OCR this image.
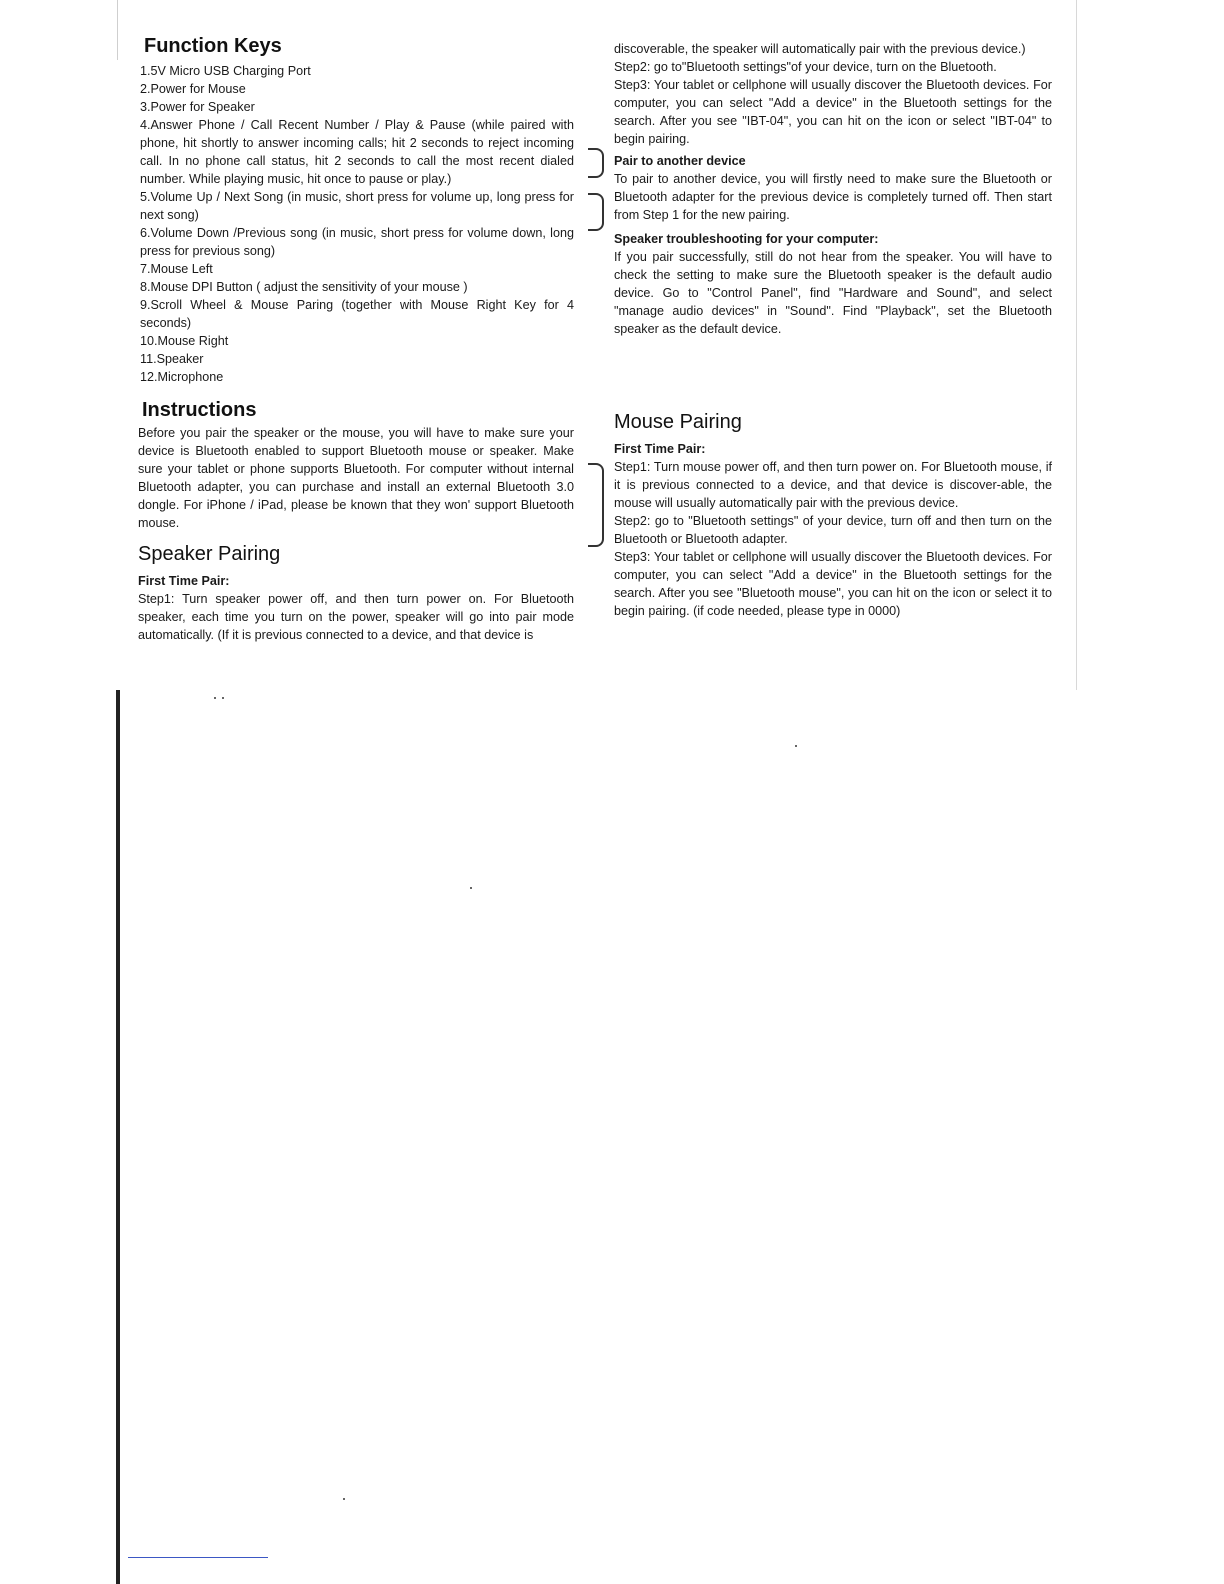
Function Keys
1.5V Micro USB Charging Port
2.Power for Mouse
3.Power for Speaker
4.Answer Phone / Call Recent Number / Play & Pause (while paired with phone, hit shortly to answer incoming calls; hit 2 seconds to reject incoming call. In no phone call status, hit 2 seconds to call the most recent dialed number. While playing music, hit once to pause or play.)
5.Volume Up / Next Song (in music, short press for volume up, long press for next song)
6.Volume Down /Previous song (in music, short press for volume down, long press for previous song)
7.Mouse Left
8.Mouse DPI Button ( adjust the sensitivity of your mouse )
9.Scroll Wheel & Mouse Paring (together with Mouse Right Key for 4 seconds)
10.Mouse Right
11.Speaker
12.Microphone
Instructions

Before you pair the speaker or the mouse, you will have to make sure your device is Bluetooth enabled to support Bluetooth mouse or speaker. Make sure your tablet or phone supports Bluetooth. For computer without internal Bluetooth adapter, you can purchase and install an external Bluetooth 3.0 dongle. For iPhone / iPad, please be known that they won' support Bluetooth mouse.

Speaker Pairing
First Time Pair:

Step1: Turn speaker power off, and then turn power on. For Bluetooth speaker, each time you turn on the power, speaker will go into pair mode automatically. (If it is previous connected to a device, and that device is

discoverable, the speaker will automatically pair with the previous device.)

Step2: go to"Bluetooth settings"of your device, turn on the Bluetooth.

Step3: Your tablet or cellphone will usually discover the Bluetooth devices. For computer, you can select "Add a device" in the Bluetooth settings for the search. After you see "IBT-04", you can hit on the icon or select "IBT-04" to begin pairing.

Pair to another device

To pair to another device, you will firstly need to make sure the Bluetooth or Bluetooth adapter for the previous device is completely turned off. Then start from Step 1 for the new pairing.

Speaker troubleshooting for your computer:

If you pair successfully, still do not hear from the speaker. You will have to check the setting to make sure the Bluetooth speaker is the default audio device. Go to "Control Panel", find "Hardware and Sound", and select "manage audio devices" in "Sound". Find "Playback", set the Bluetooth speaker as the default device.

Mouse Pairing
First Time Pair:

Step1: Turn mouse power off, and then turn power on. For Bluetooth mouse, if it is previous connected to a device, and that device is discover-able, the mouse will usually automatically pair with the previous device.

Step2: go to "Bluetooth settings" of your device, turn off and then turn on the Bluetooth or Bluetooth adapter.

Step3: Your tablet or cellphone will usually discover the Bluetooth devices. For computer, you can select "Add a device" in the Bluetooth settings for the search. After you see "Bluetooth mouse", you can hit on the icon or select it to begin pairing. (if code needed, please type in 0000)
